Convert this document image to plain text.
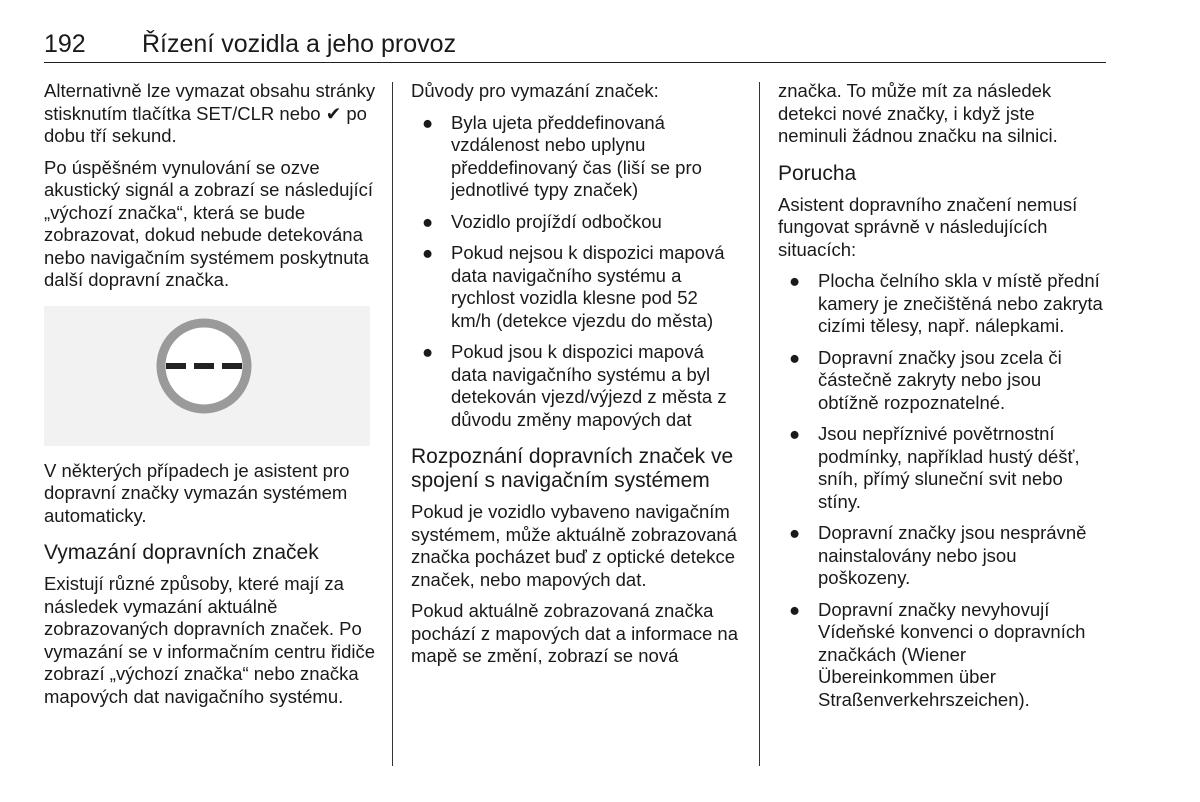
192 Řízení vozidla a jeho provoz

Alternativně lze vymazat obsahu stránky stisknutím tlačítka SET/CLR nebo ✔ po dobu tří sekund.

Po úspěšném vynulování se ozve akustický signál a zobrazí se následující „výchozí značka“, která se bude zobrazovat, dokud nebude detekována nebo navigačním systémem poskytnuta další dopravní značka.

V některých případech je asistent pro dopravní značky vymazán systémem automaticky.

Vymazání dopravních značek

Existují různé způsoby, které mají za následek vymazání aktuálně zobrazovaných dopravních značek. Po vymazání se v informačním centru řidiče zobrazí „výchozí značka“ nebo značka mapových dat navigačního systému.

Důvody pro vymazání značek:

● Byla ujeta předdefinovaná vzdálenost nebo uplynu předdefinovaný čas (liší se pro jednotlivé typy značek)
● Vozidlo projíždí odbočkou
● Pokud nejsou k dispozici mapová data navigačního systému a rychlost vozidla klesne pod 52 km/h (detekce vjezdu do města)
● Pokud jsou k dispozici mapová data navigačního systému a byl detekován vjezd/výjezd z města z důvodu změny mapových dat
Rozpoznání dopravních značek ve spojení s navigačním systémem

Pokud je vozidlo vybaveno navigačním systémem, může aktuálně zobrazovaná značka pocházet buď z optické detekce značek, nebo mapových dat.

Pokud aktuálně zobrazovaná značka pochází z mapových dat a informace na mapě se změní, zobrazí se nová

značka. To může mít za následek detekci nové značky, i když jste neminuli žádnou značku na silnici.

Porucha

Asistent dopravního značení nemusí fungovat správně v následujících situacích:

● Plocha čelního skla v místě přední kamery je znečištěná nebo zakryta cizími tělesy, např. nálepkami.
● Dopravní značky jsou zcela či částečně zakryty nebo jsou obtížně rozpoznatelné.
● Jsou nepříznivé povětrnostní podmínky, například hustý déšť, sníh, přímý sluneční svit nebo stíny.
● Dopravní značky jsou nesprávně nainstalovány nebo jsou poškozeny.
● Dopravní značky nevyhovují Vídeňské konvenci o dopravních značkách (Wiener Übereinkommen über Straßenverkehrszeichen).
